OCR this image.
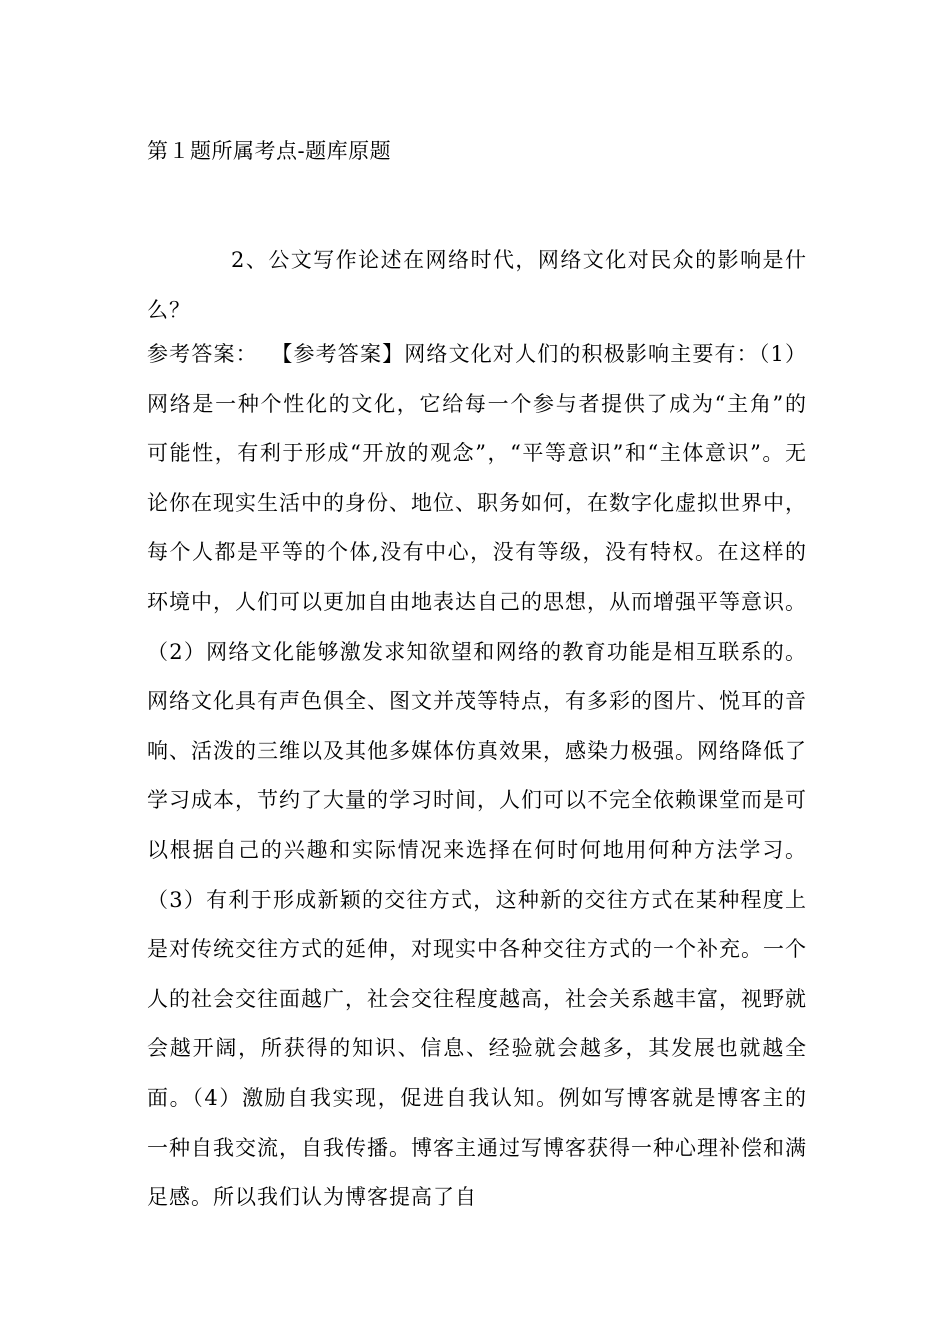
第１题所属考点-题库原题
2、公文写作论述在网络时代，网络文化对民众的影响是什么？
参考答案： 【参考答案】网络文化对人们的积极影响主要有：（1）网络是一种个性化的文化，它给每一个参与者提供了成为“主角”的可能性，有利于形成“开放的观念”，“平等意识”和“主体意识”。无论你在现实生活中的身份、地位、职务如何，在数字化虚拟世界中，每个人都是平等的个体,没有中心，没有等级，没有特权。在这样的环境中，人们可以更加自由地表达自己的思想，从而增强平等意识。（2）网络文化能够激发求知欲望和网络的教育功能是相互联系的。网络文化具有声色俱全、图文并茂等特点，有多彩的图片、悦耳的音响、活泼的三维以及其他多媒体仿真效果，感染力极强。网络降低了学习成本，节约了大量的学习时间，人们可以不完全依赖课堂而是可以根据自己的兴趣和实际情况来选择在何时何地用何种方法学习。（3）有利于形成新颖的交往方式，这种新的交往方式在某种程度上是对传统交往方式的延伸，对现实中各种交往方式的一个补充。一个人的社会交往面越广，社会交往程度越高，社会关系越丰富，视野就会越开阔，所获得的知识、信息、经验就会越多，其发展也就越全面。（4）激励自我实现，促进自我认知。例如写博客就是博客主的一种自我交流，自我传播。博客主通过写博客获得一种心理补偿和满足感。所以我们认为博客提高了自
